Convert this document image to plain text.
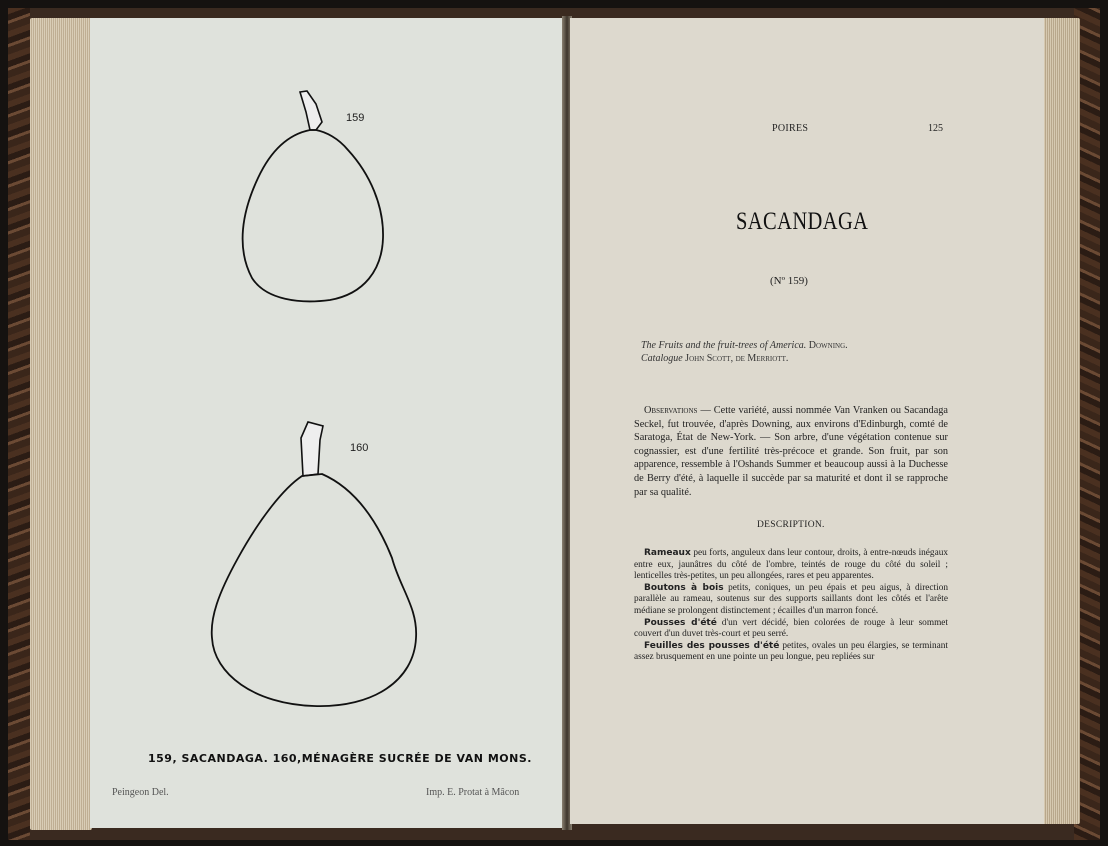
159
160
159, SACANDAGA. 160,MÉNAGÈRE SUCRÉE DE VAN MONS.
Peingeon Del.	Imp. E. Protat à Mâcon
POIRES	125
SACANDAGA
(Nº 159)
The Fruits and the fruit-trees of America. Downing.
Catalogue John Scott, de Merriott.
Observations — Cette variété, aussi nommée Van Vranken ou Sacandaga Seckel, fut trouvée, d'après Downing, aux environs d'Edinburgh, comté de Saratoga, État de New-York. — Son arbre, d'une végétation contenue sur cognassier, est d'une fertilité très-précoce et grande. Son fruit, par son apparence, ressemble à l'Oshands Summer et beaucoup aussi à la Duchesse de Berry d'été, à laquelle il succède par sa maturité et dont il se rapproche par sa qualité.
DESCRIPTION.

Rameaux peu forts, anguleux dans leur contour, droits, à entre-nœuds inégaux entre eux, jaunâtres du côté de l'ombre, teintés de rouge du côté du soleil ; lenticelles très-petites, un peu allongées, rares et peu apparentes.

Boutons à bois petits, coniques, un peu épais et peu aigus, à direction parallèle au rameau, soutenus sur des supports saillants dont les côtés et l'arête médiane se prolongent distinctement ; écailles d'un marron foncé.

Pousses d'été d'un vert décidé, bien colorées de rouge à leur sommet couvert d'un duvet très-court et peu serré.

Feuilles des pousses d'été petites, ovales un peu élargies, se terminant assez brusquement en une pointe un peu longue, peu repliées sur
